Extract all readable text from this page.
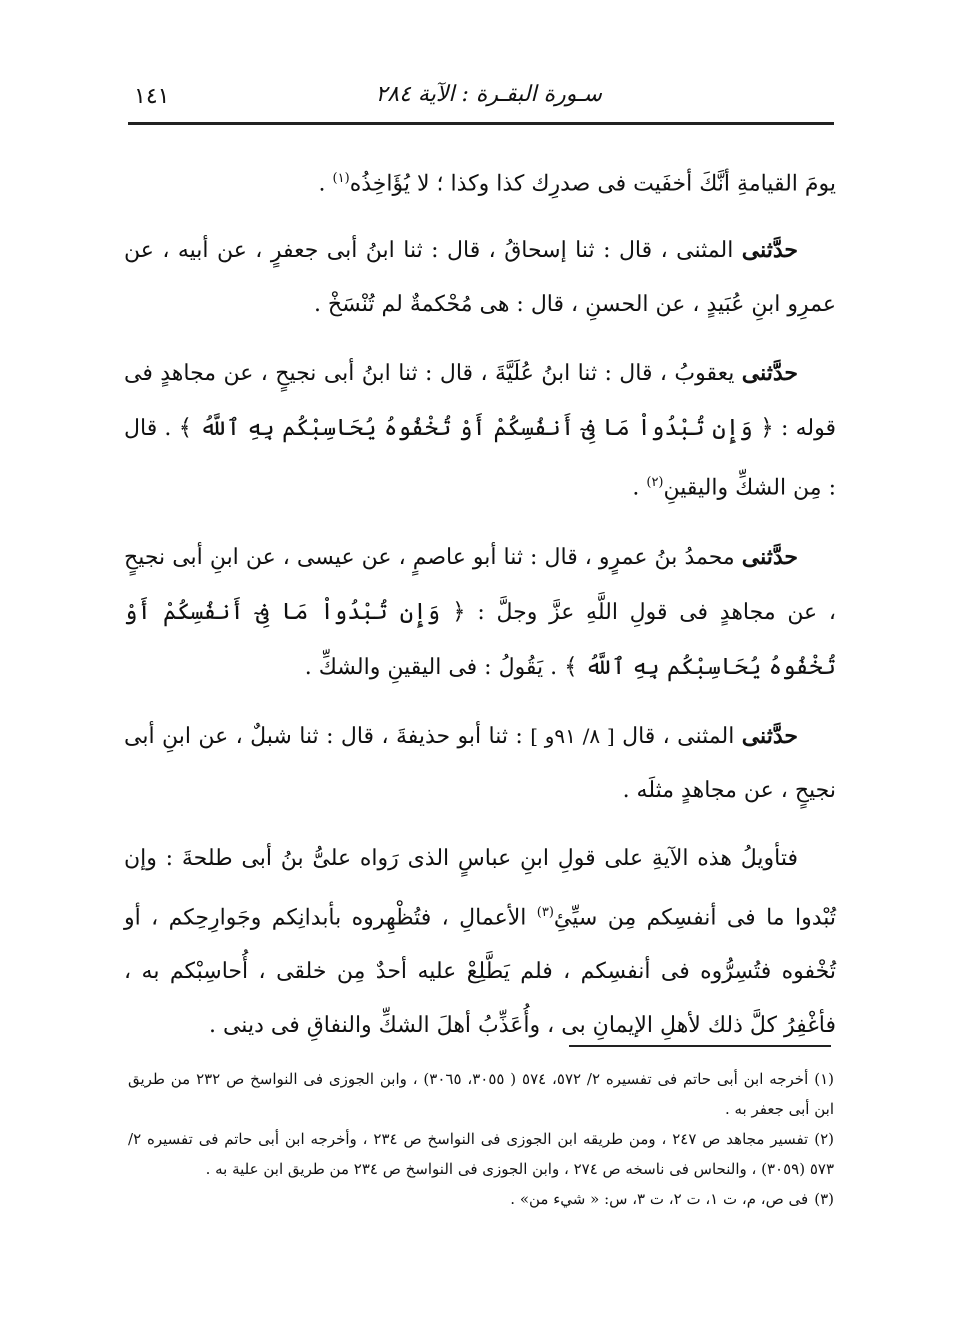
سـورة البقـرة : الآية ٢٨٤
١٤١

يومَ القيامةِ أنَّكَ أخفَيت فى صدرِك كذا وكذا ؛ لا يُؤَاخِذُه$^{(١)}$ .

حدَّثنى المثنى ، قال : ثنا إسحاقُ ، قال : ثنا ابنُ أبى جعفرٍ ، عن أبيه ، عن عمرِو ابنِ عُبَيدٍ ، عن الحسنِ ، قال : هى مُحْكمةٌ لم تُنْسَخْ .

حدَّثنى يعقوبُ ، قال : ثنا ابنُ عُلَيَّةَ ، قال : ثنا ابنُ أبى نجيحٍ ، عن مجاهدٍ فى قوله : ﴿ وَإِن تُبْدُواْ مَا فِىٓ أَنفُسِكُمْ أَوْ تُخْفُوهُ يُحَاسِبْكُم بِهِ ٱللَّهُ ﴾ . قال : مِن الشكِّ واليقينِ$^{(٢)}$ .

حدَّثنى محمدُ بنُ عمرٍو ، قال : ثنا أبو عاصمٍ ، عن عيسى ، عن ابنِ أبى نجيحٍ ، عن مجاهدٍ فى قولِ اللَّهِ عزَّ وجلَّ : ﴿ وَإِن تُبْدُواْ مَا فِىٓ أَنفُسِكُمْ أَوْ تُخْفُوهُ يُحَاسِبْكُم بِهِ ٱللَّهُ ﴾ . يَقُولُ : فى اليقينِ والشكِّ .

حدَّثنى المثنى ، قال [ ٨/ ٩١و ] : ثنا أبو حذيفةَ ، قال : ثنا شبلٌ ، عن ابنِ أبى نجيحٍ ، عن مجاهدٍ مثلَه .

فتأويلُ هذه الآيةِ على قولِ ابنِ عباسٍ الذى رَواه علىُّ بنُ أبى طلحةَ : وإن تُبْدوا ما فى أنفسِكم مِن سيِّئِ$^{(٣)}$ الأعمالِ ، فتُظْهِروه بأبدانِكم وجَوارِحِكم ، أو تُخْفوه فتُسِرُّوه فى أنفسِكم ، فلم يَطَّلِعْ عليه أحدٌ مِن خلقى ، أُحاسِبْكم به ، فأغْفِرُ كلَّ ذلك لأهلِ الإيمانِ بى ، وأُعَذِّبُ أهلَ الشكِّ والنفاقِ فى دينى .

(١)أخرجه ابن أبى حاتم فى تفسيره ٢/ ٥٧٢، ٥٧٤ ( ٣٠٥٥، ٣٠٦٥) ، وابن الجوزى فى النواسخ ص ٢٣٢ من طريق ابن أبى جعفر به .

(٢)تفسير مجاهد ص ٢٤٧ ، ومن طريقه ابن الجوزى فى النواسخ ص ٢٣٤ ، وأخرجه ابن أبى حاتم فى تفسيره ٢/ ٥٧٣ (٣٠٥٩) ، والنحاس فى ناسخه ص ٢٧٤ ، وابن الجوزى فى النواسخ ص ٢٣٤ من طريق ابن علية به .

(٣)فى ص، م، ت ١، ت ٢، ت ٣، س: « شيء من» .
